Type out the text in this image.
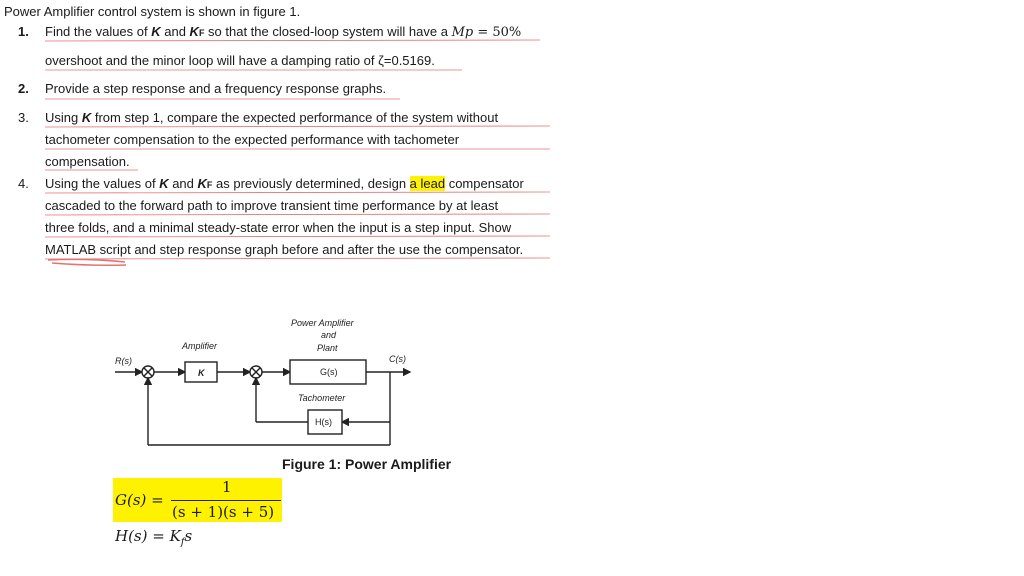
Power Amplifier control system is shown in figure 1.
1. Find the values of K and KF so that the closed-loop system will have a Mp = 50%
overshoot and the minor loop will have a damping ratio of ζ=0.5169.
2. Provide a step response and a frequency response graphs.
3. Using K from step 1, compare the expected performance of the system without
tachometer compensation to the expected performance with tachometer
compensation.
4. Using the values of K and KF as previously determined, design a lead compensator
cascaded to the forward path to improve transient time performance by at least
three folds, and a minimal steady-state error when the input is a step input. Show
MATLAB script and step response graph before and after the use the compensator.
R(s)
Amplifier
K
Power Amplifier
and
Plant
G(s)
C(s)
Tachometer
H(s)
Figure 1: Power Amplifier
G(s) =
1
(s + 1)(s + 5)
$H(s) = K_fs$
